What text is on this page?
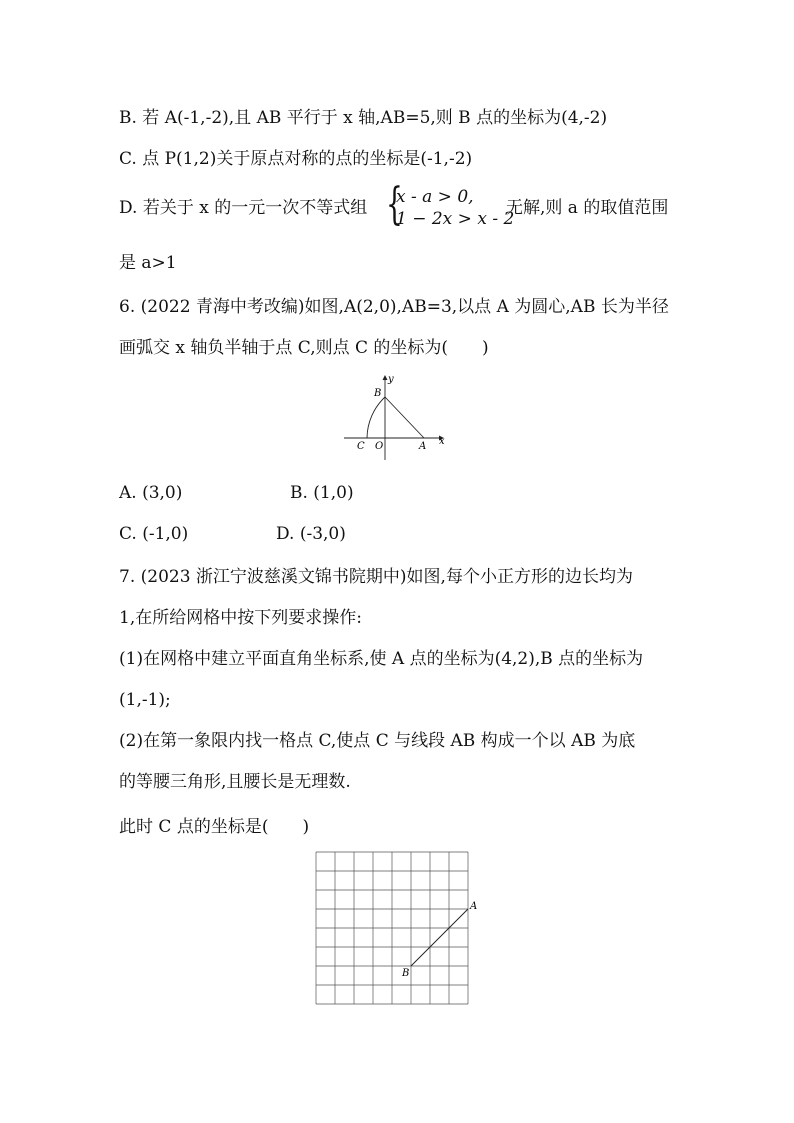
B. 若 A(-1,-2),且 AB 平行于 x 轴,AB=5,则 B 点的坐标为(4,-2)
C. 点 P(1,2)关于原点对称的点的坐标是(-1,-2)
D. 若关于 x 的一元一次不等式组 {
x - a > 0,
1 − 2x > x - 2
无解,则 a 的取值范围
是 a>1
6. (2022 青海中考改编)如图,A(2,0),AB=3,以点 A 为圆心,AB 长为半径
画弧交 x 轴负半轴于点 C,则点 C 的坐标为(　　)
B
y
C O	A x
A. (3,0)	B. (1,0)
C. (-1,0)	D. (-3,0)
7. (2023 浙江宁波慈溪文锦书院期中)如图,每个小正方形的边长均为
1,在所给网格中按下列要求操作:
(1)在网格中建立平面直角坐标系,使 A 点的坐标为(4,2),B 点的坐标为
(1,-1);
(2)在第一象限内找一格点 C,使点 C 与线段 AB 构成一个以 AB 为底
的等腰三角形,且腰长是无理数.
此时 C 点的坐标是(　　)
A
B
